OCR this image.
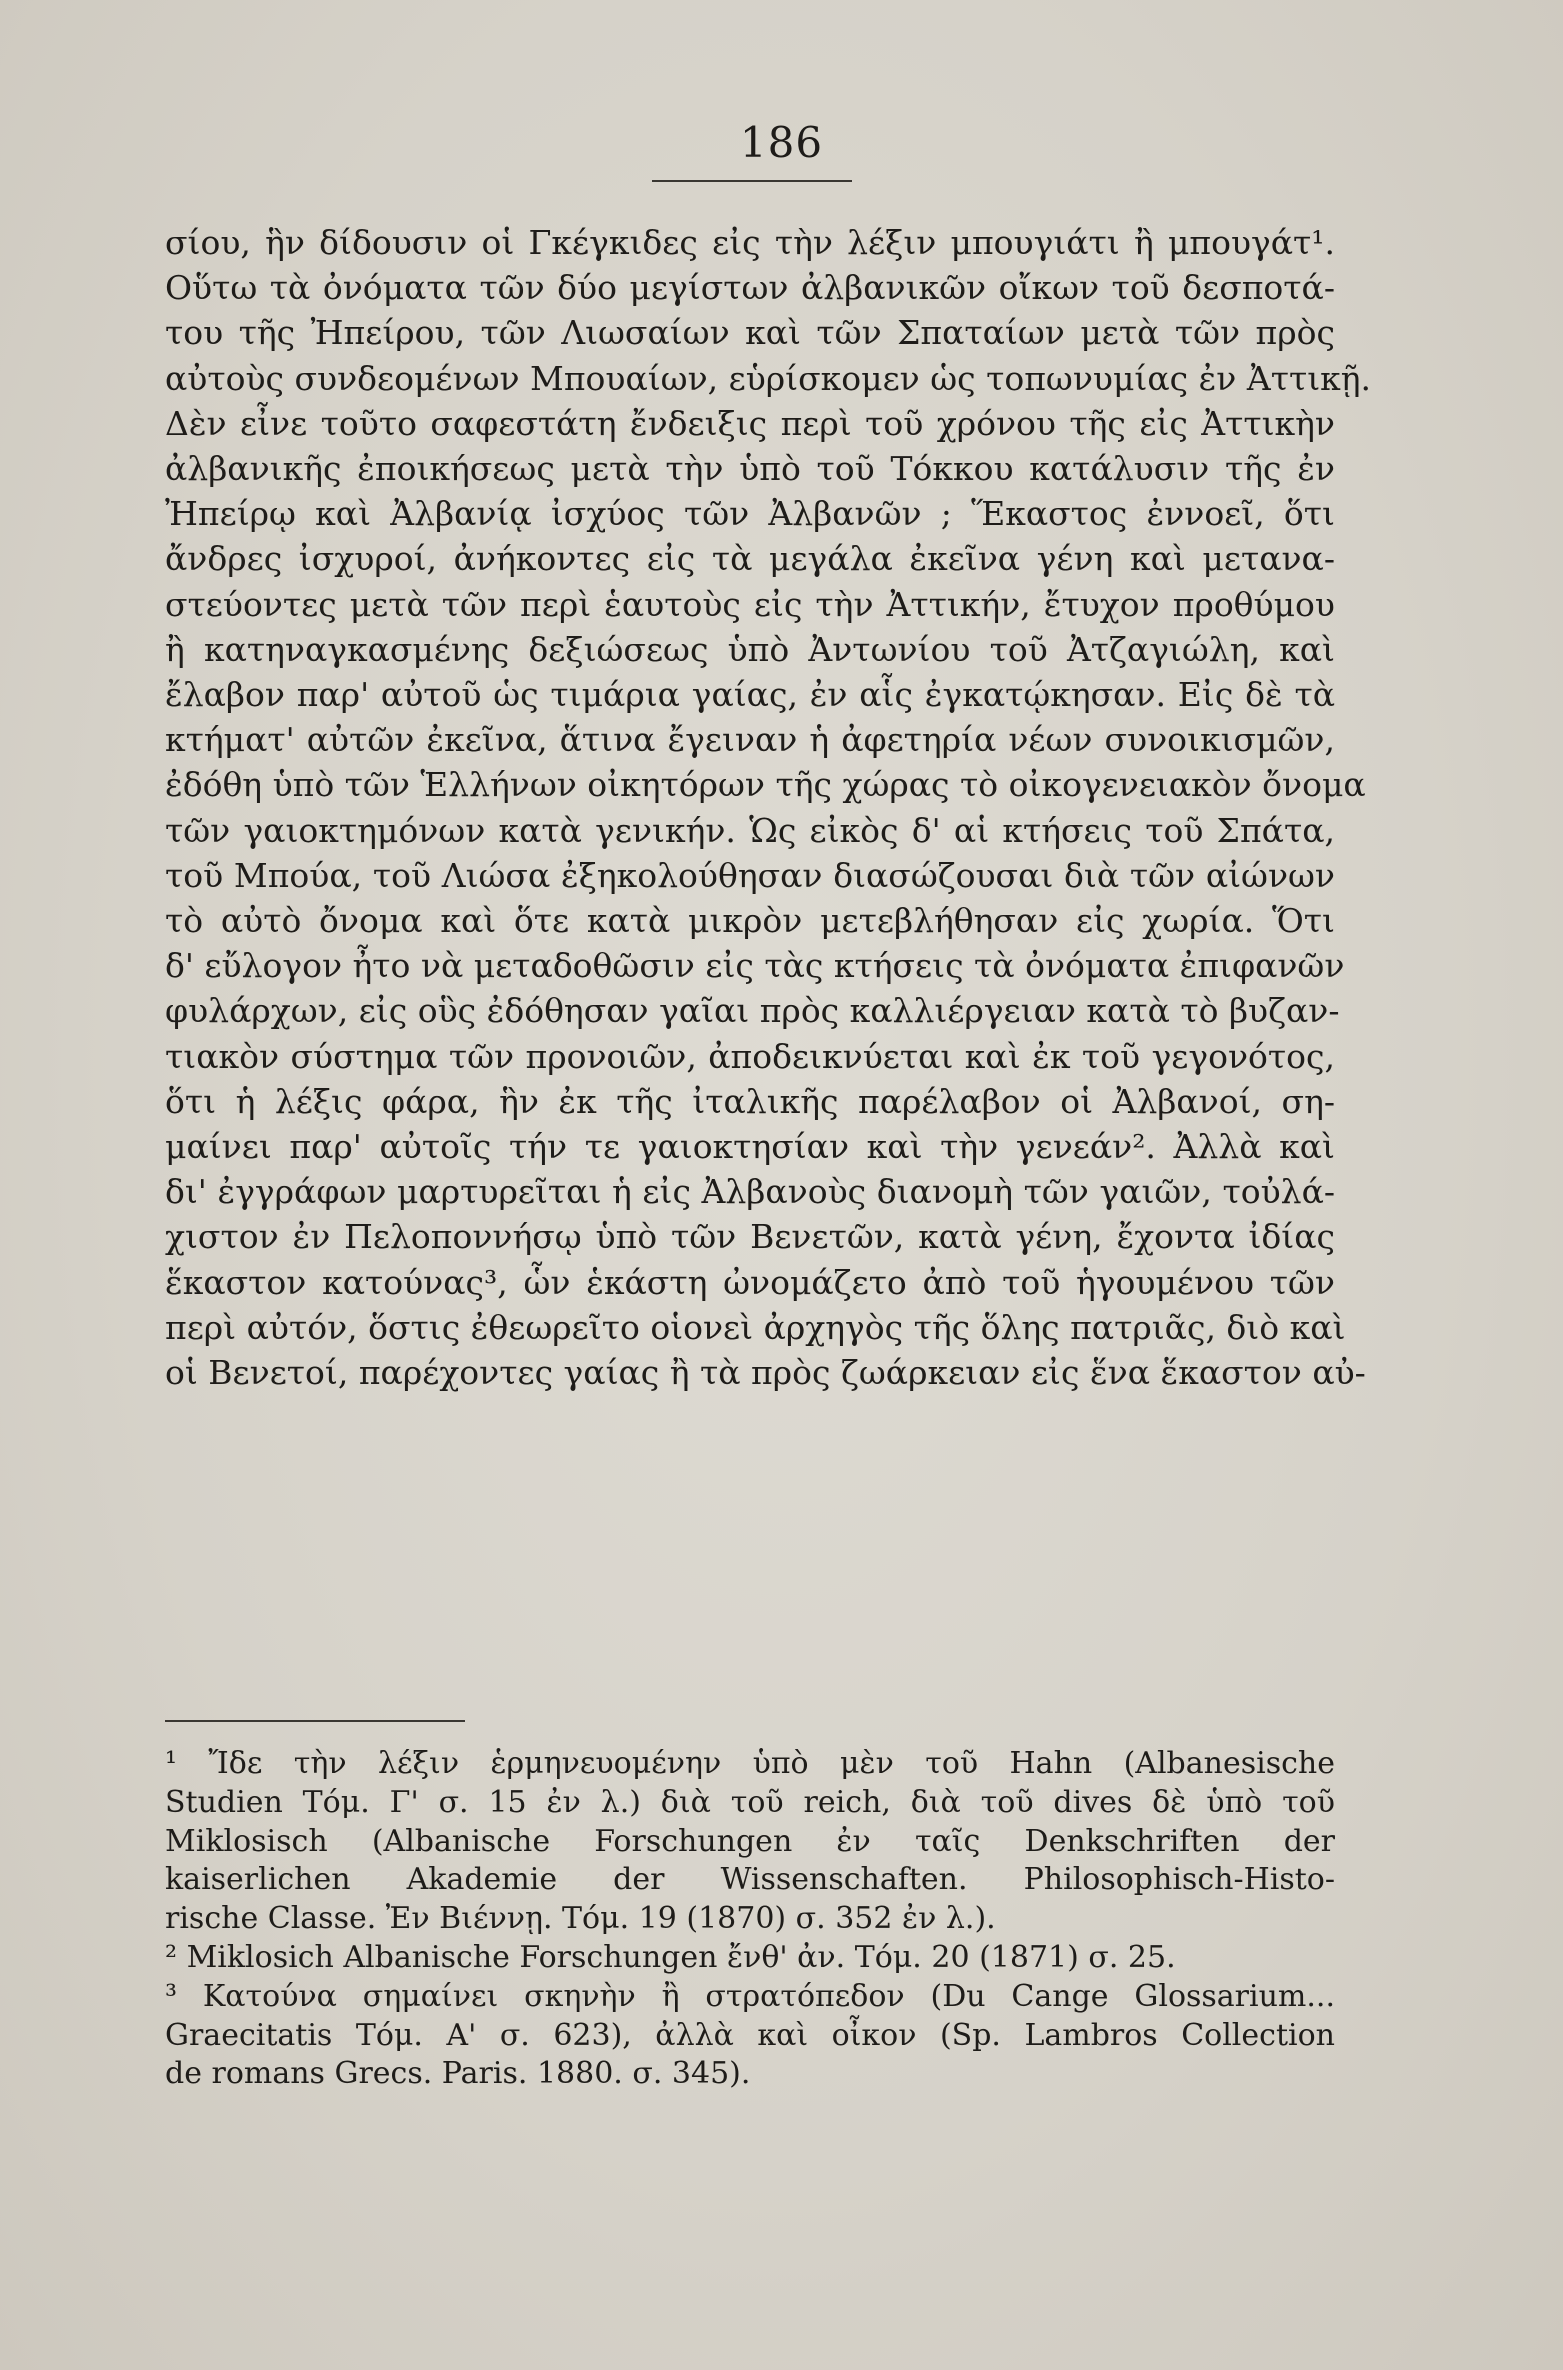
186
σίου, ἣν δίδουσιν οἱ Γκέγκιδες εἰς τὴν λέξιν μπουγιάτι ἢ μπουγάτ¹.
Οὕτω τὰ ὀνόματα τῶν δύο μεγίστων ἀλβανικῶν οἴκων τοῦ δεσποτά-
του τῆς Ἠπείρου, τῶν Λιωσαίων καὶ τῶν Σπαταίων μετὰ τῶν πρὸς
αὐτοὺς συνδεομένων Μπουαίων, εὑρίσκομεν ὡς τοπωνυμίας ἐν Ἀττικῇ.
Δὲν εἶνε τοῦτο σαφεστάτη ἔνδειξις περὶ τοῦ χρόνου τῆς εἰς Ἀττικὴν
ἀλβανικῆς ἐποικήσεως μετὰ τὴν ὑπὸ τοῦ Τόκκου κατάλυσιν τῆς ἐν
Ἠπείρῳ καὶ Ἀλβανίᾳ ἰσχύος τῶν Ἀλβανῶν ; Ἕκαστος ἐννοεῖ, ὅτι
ἄνδρες ἰσχυροί, ἀνήκοντες εἰς τὰ μεγάλα ἐκεῖνα γένη καὶ μετανα-
στεύοντες μετὰ τῶν περὶ ἑαυτοὺς εἰς τὴν Ἀττικήν, ἔτυχον προθύμου
ἢ κατηναγκασμένης δεξιώσεως ὑπὸ Ἀντωνίου τοῦ Ἀτζαγιώλη, καὶ
ἔλαβον παρ' αὐτοῦ ὡς τιμάρια γαίας, ἐν αἷς ἐγκατῴκησαν. Εἰς δὲ τὰ
κτήματ' αὐτῶν ἐκεῖνα, ἅτινα ἔγειναν ἡ ἀφετηρία νέων συνοικισμῶν,
ἐδόθη ὑπὸ τῶν Ἑλλήνων οἰκητόρων τῆς χώρας τὸ οἰκογενειακὸν ὄνομα
τῶν γαιοκτημόνων κατὰ γενικήν. Ὡς εἰκὸς δ' αἱ κτήσεις τοῦ Σπάτα,
τοῦ Μπούα, τοῦ Λιώσα ἐξηκολούθησαν διασώζουσαι διὰ τῶν αἰώνων
τὸ αὐτὸ ὄνομα καὶ ὅτε κατὰ μικρὸν μετεβλήθησαν εἰς χωρία. Ὅτι
δ' εὔλογον ἦτο νὰ μεταδοθῶσιν εἰς τὰς κτήσεις τὰ ὀνόματα ἐπιφανῶν
φυλάρχων, εἰς οὓς ἐδόθησαν γαῖαι πρὸς καλλιέργειαν κατὰ τὸ βυζαν-
τιακὸν σύστημα τῶν προνοιῶν, ἀποδεικνύεται καὶ ἐκ τοῦ γεγονότος,
ὅτι ἡ λέξις φάρα, ἣν ἐκ τῆς ἰταλικῆς παρέλαβον οἱ Ἀλβανοί, ση-
μαίνει παρ' αὐτοῖς τήν τε γαιοκτησίαν καὶ τὴν γενεάν². Ἀλλὰ καὶ
δι' ἐγγράφων μαρτυρεῖται ἡ εἰς Ἀλβανοὺς διανομὴ τῶν γαιῶν, τοὐλά-
χιστον ἐν Πελοποννήσῳ ὑπὸ τῶν Βενετῶν, κατὰ γένη, ἔχοντα ἰδίας
ἕκαστον κατούνας³, ὧν ἑκάστη ὠνομάζετο ἀπὸ τοῦ ἡγουμένου τῶν
περὶ αὐτόν, ὅστις ἐθεωρεῖτο οἱονεὶ ἀρχηγὸς τῆς ὅλης πατριᾶς, διὸ καὶ
οἱ Βενετοί, παρέχοντες γαίας ἢ τὰ πρὸς ζωάρκειαν εἰς ἕνα ἕκαστον αὐ-
¹ Ἴδε τὴν λέξιν ἑρμηνευομένην ὑπὸ μὲν τοῦ Hahn (Albanesische
Studien Τόμ. Γ' σ. 15 ἐν λ.) διὰ τοῦ reich, διὰ τοῦ dives δὲ ὑπὸ τοῦ
Miklosisch (Albanische Forschungen ἐν ταῖς Denkschriften der
kaiserlichen Akademie der Wissenschaften. Philosophisch-Histo-
rische Classe. Ἐν Βιέννῃ. Τόμ. 19 (1870) σ. 352 ἐν λ.).
² Miklosich Albanische Forschungen ἔνθ' ἀν. Τόμ. 20 (1871) σ. 25.
³ Κατούνα σημαίνει σκηνὴν ἢ στρατόπεδον (Du Cange Glossarium...
Graecitatis Τόμ. Α' σ. 623), ἀλλὰ καὶ οἶκον (Sp. Lambros Collection
de romans Grecs. Paris. 1880. σ. 345).
